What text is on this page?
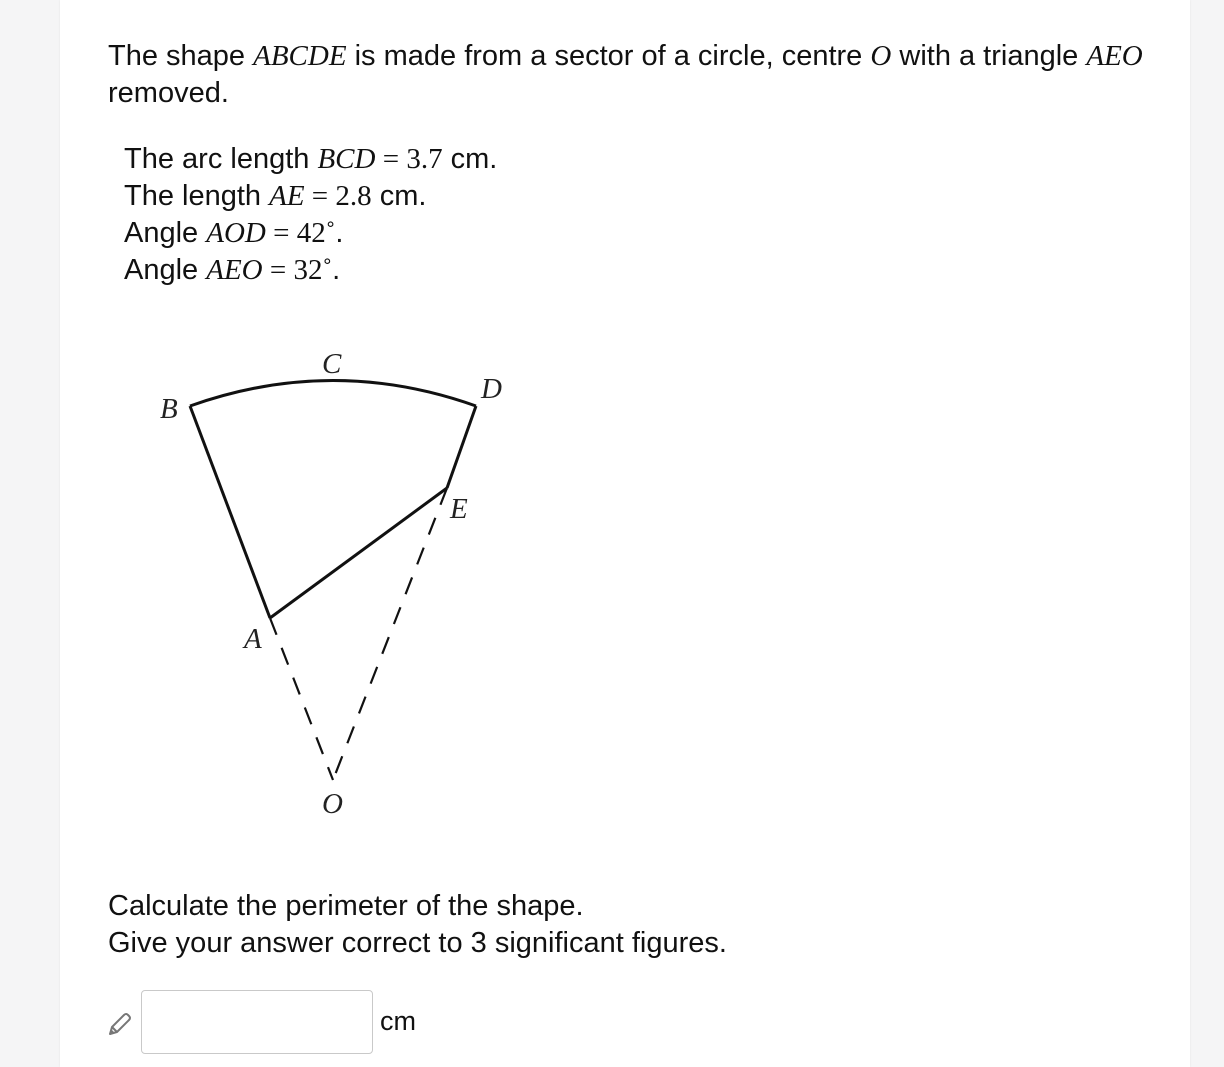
The shape ABCDE is made from a sector of a circle, centre O with a triangle AEO removed.
The arc length BCD = 3.7 cm.
The length AE = 2.8 cm.
Angle AOD = 42˚.
Angle AEO = 32˚.
B
C
D
E
A
O
Calculate the perimeter of the shape.
Give your answer correct to 3 significant figures.
cm
